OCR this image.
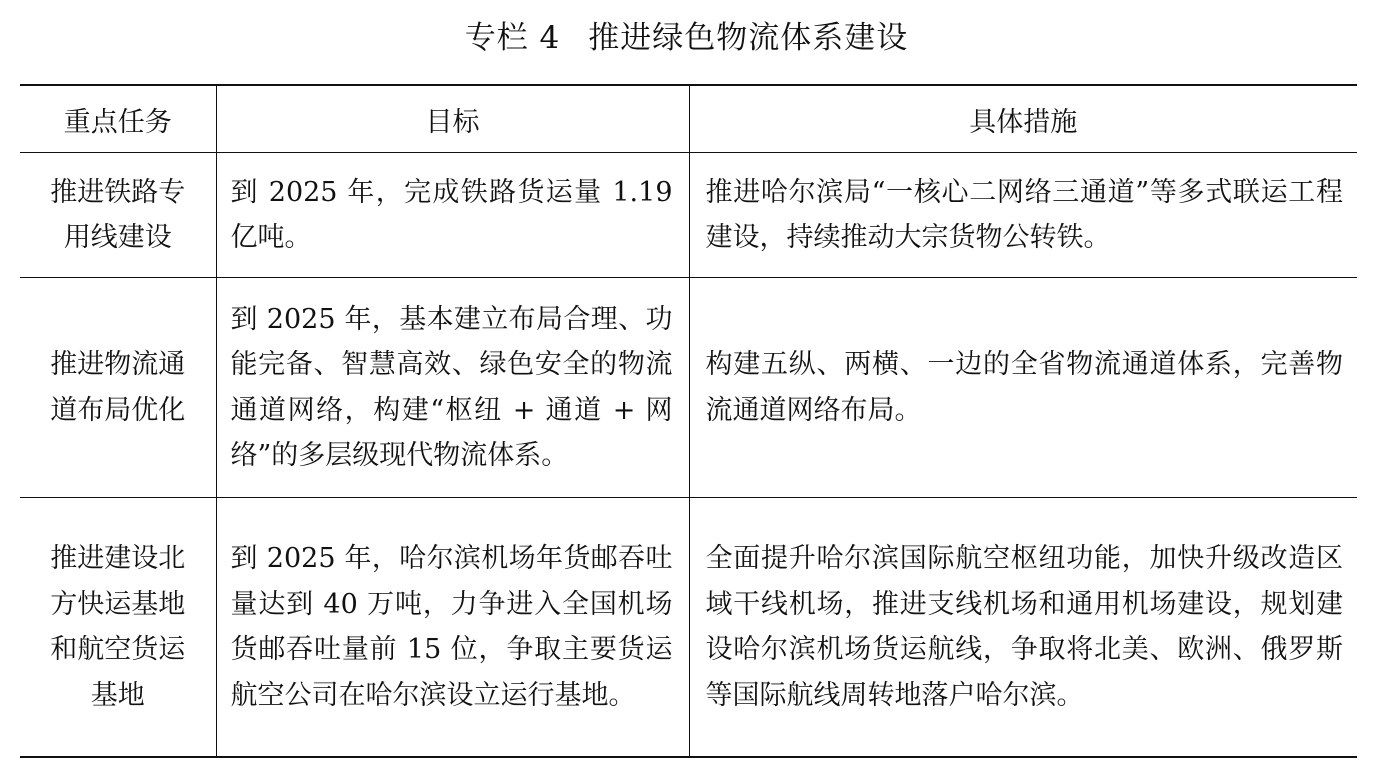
专栏 4 推进绿色物流体系建设
重点任务	目标	具体措施
推进铁路专用线建设	到 2025 年，完成铁路货运量 1.19 亿吨。	推进哈尔滨局“一核心二网络三通道”等多式联运工程建设，持续推动大宗货物公转铁。
推进物流通道布局优化	到 2025 年，基本建立布局合理、功能完备、智慧高效、绿色安全的物流通道网络，构建“枢纽 + 通道 + 网络”的多层级现代物流体系。	构建五纵、两横、一边的全省物流通道体系，完善物流通道网络布局。
推进建设北方快运基地和航空货运基地	到 2025 年，哈尔滨机场年货邮吞吐量达到 40 万吨，力争进入全国机场货邮吞吐量前 15 位，争取主要货运航空公司在哈尔滨设立运行基地。	全面提升哈尔滨国际航空枢纽功能，加快升级改造区域干线机场，推进支线机场和通用机场建设，规划建设哈尔滨机场货运航线，争取将北美、欧洲、俄罗斯等国际航线周转地落户哈尔滨。
